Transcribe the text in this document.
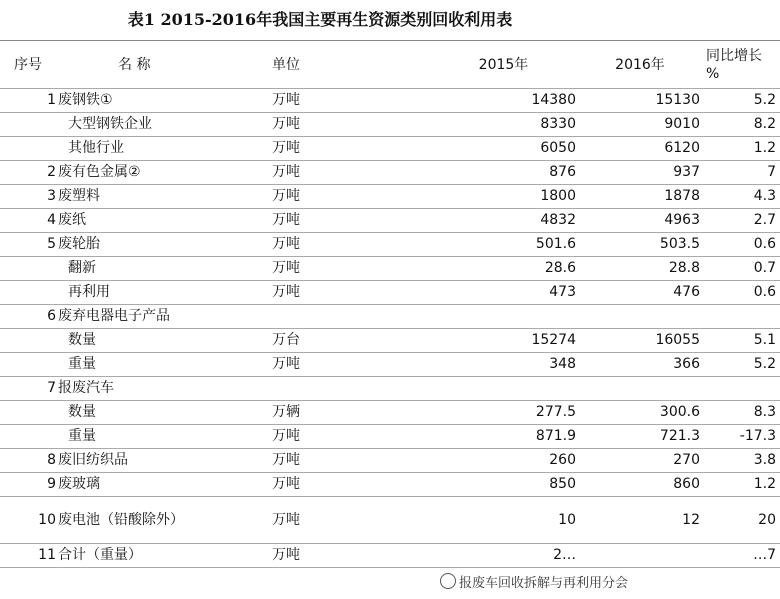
表1 2015-2016年我国主要再生资源类别回收利用表
序号	名 称	单位	2015年	2016年	同比增长 %
1	废钢铁①	万吨	14380	15130	5.2
	大型钢铁企业	万吨	8330	9010	8.2
	其他行业	万吨	6050	6120	1.2
2	废有色金属②	万吨	876	937	7
3	废塑料	万吨	1800	1878	4.3
4	废纸	万吨	4832	4963	2.7
5	废轮胎	万吨	501.6	503.5	0.6
	翻新	万吨	28.6	28.8	0.7
	再利用	万吨	473	476	0.6
6	废弃电器电子产品				
	数量	万台	15274	16055	5.1
	重量	万吨	348	366	5.2
7	报废汽车				
	数量	万辆	277.5	300.6	8.3
	重量	万吨	871.9	721.3	-17.3
8	废旧纺织品	万吨	260	270	3.8
9	废玻璃	万吨	850	860	1.2
10	废电池（铅酸除外）	万吨	10	12	20
11	合计（重量）	万吨	2…		…7
报废车回收拆解与再利用分会
